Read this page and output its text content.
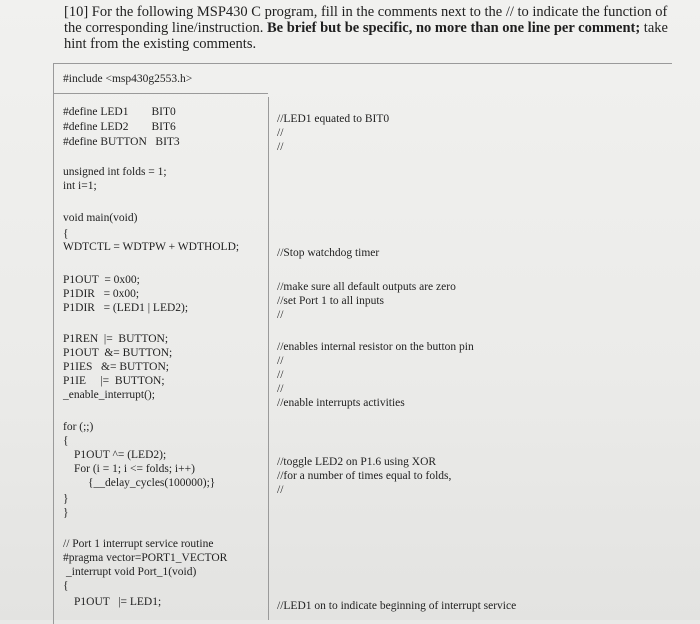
[10] For the following MSP430 C program, fill in the comments next to the // to indicate the function of the corresponding line/instruction. Be brief but be specific, no more than one line per comment; take hint from the existing comments.

#include <msp430g2553.h>
#define LED1        BIT0
#define LED2        BIT6
#define BUTTON   BIT3
unsigned int folds = 1;
int i=1;
void main(void)
{
WDTCTL = WDTPW + WDTHOLD;
P1OUT  = 0x00;
P1DIR   = 0x00;
P1DIR   = (LED1 | LED2);
P1REN  |=  BUTTON;
P1OUT  &= BUTTON;
P1IES   &= BUTTON;
P1IE     |=  BUTTON;
_enable_interrupt();
for (;;)
{
P1OUT ^= (LED2);
For (i = 1; i <= folds; i++)
{__delay_cycles(100000);}
}
}
// Port 1 interrupt service routine
#pragma vector=PORT1_VECTOR
_interrupt void Port_1(void)
{
P1OUT   |= LED1;
//LED1 equated to BIT0
//
//
//Stop watchdog timer
//make sure all default outputs are zero
//set Port 1 to all inputs
//
//enables internal resistor on the button pin
//
//
//
//enable interrupts activities
//toggle LED2 on P1.6 using XOR
//for a number of times equal to folds,
//
//LED1 on to indicate beginning of interrupt service
